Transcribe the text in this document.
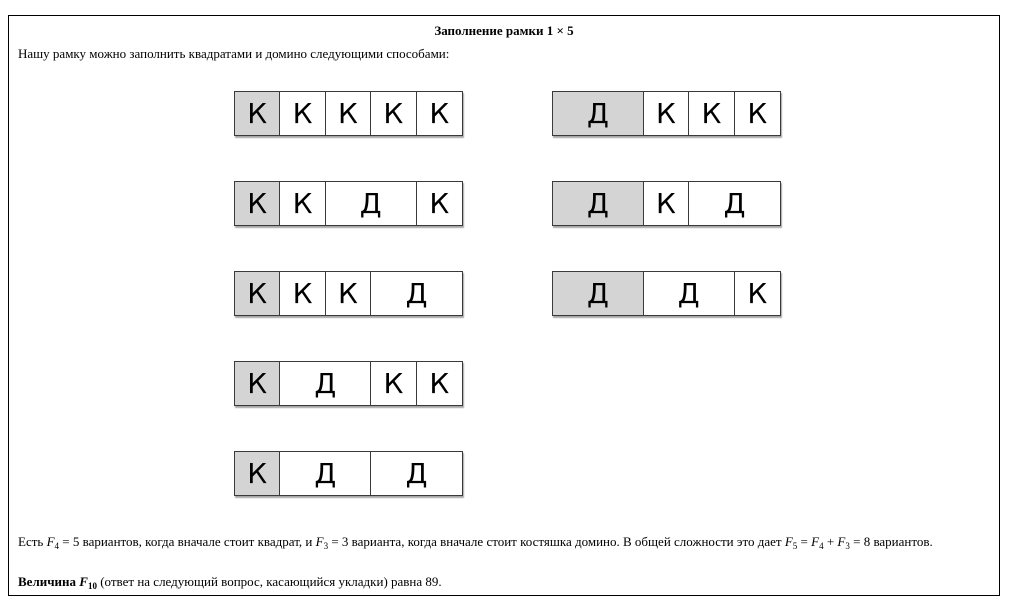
Заполнение рамки 1 × 5
Нашу рамку можно заполнить квадратами и домино следующими способами:
К К К К К
К К	Д	К
К К К	Д
К	Д	К К
К	Д	Д
Д	К К К
Д	К	Д
Д	Д	К
Есть $F_4 = 5$ вариантов, когда вначале стоит квадрат, и $F_3 = 3$ варианта, когда вначале стоит костяшка домино. В общей сложности это дает $F_5 = F_4 + F_3 = 8$ вариантов.
Величина $F_{10}$ (ответ на следующий вопрос, касающийся укладки) равна 89.
